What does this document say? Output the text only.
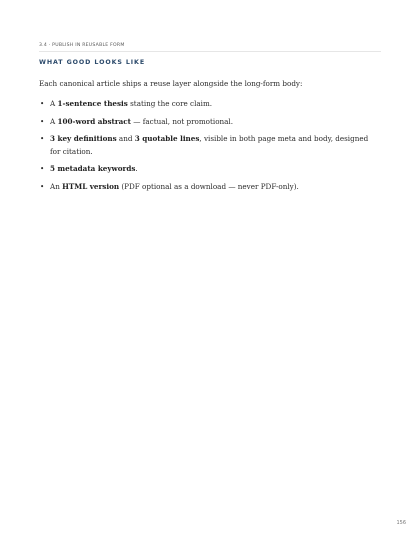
3.4 · PUBLISH IN REUSABLE FORM
WHAT GOOD LOOKS LIKE

Each canonical article ships a reuse layer alongside the long-form body:

• A 1-sentence thesis stating the core claim.
• A 100-word abstract — factual, not promotional.
• 3 key definitions and 3 quotable lines, visible in both page meta and body, designed for citation.
• 5 metadata keywords.
• An HTML version (PDF optional as a download — never PDF-only).
156
